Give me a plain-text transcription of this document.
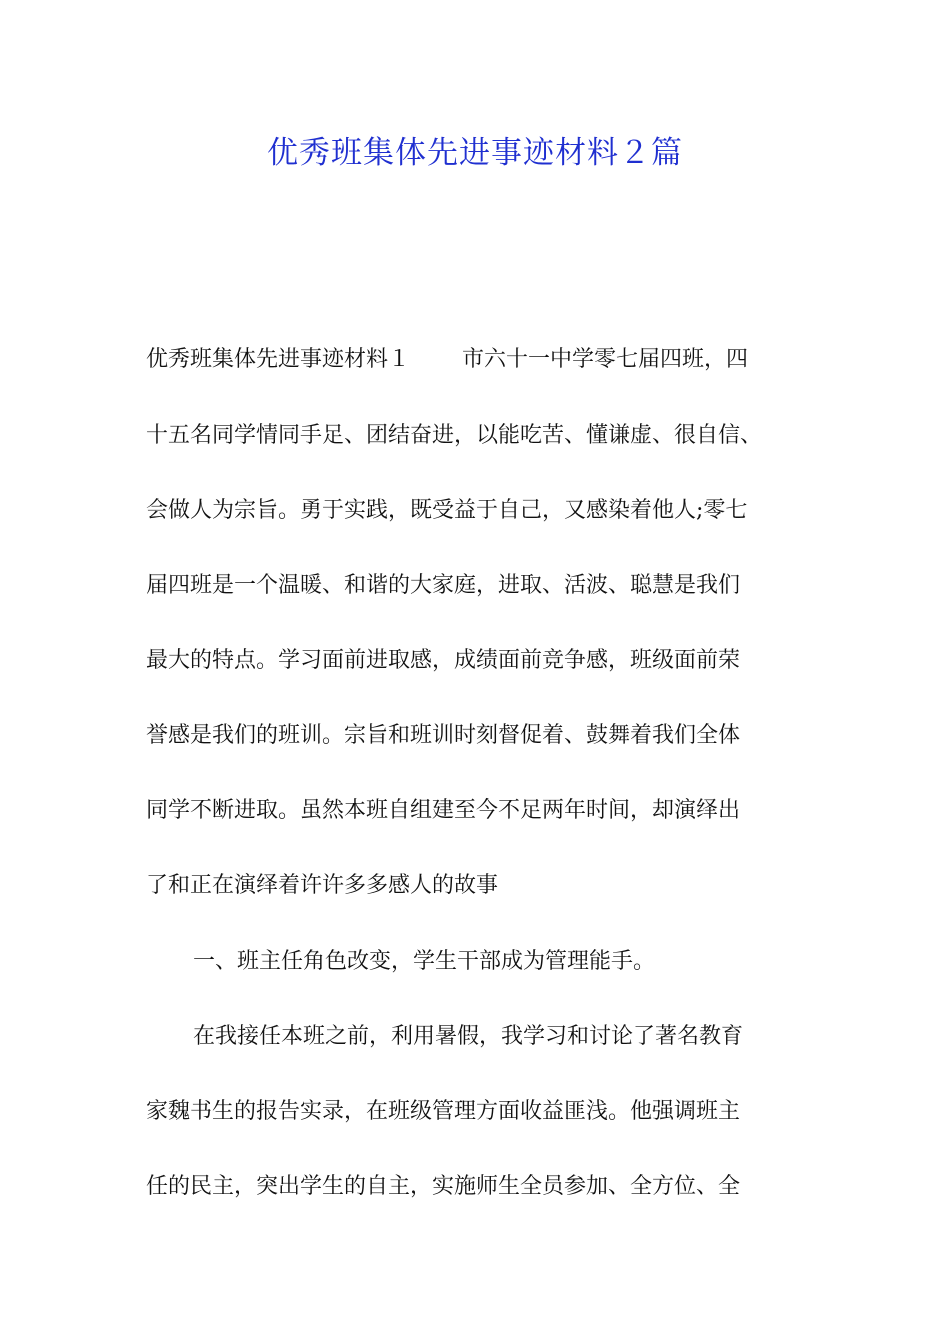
优秀班集体先进事迹材料２篇

优秀班集体先进事迹材料１ 市六十一中学零七届四班，四

十五名同学情同手足、团结奋进，以能吃苦、懂谦虚、很自信、

会做人为宗旨。勇于实践，既受益于自己，又感染着他人;零七

届四班是一个温暖、和谐的大家庭，进取、活波、聪慧是我们

最大的特点。学习面前进取感，成绩面前竞争感，班级面前荣

誉感是我们的班训。宗旨和班训时刻督促着、鼓舞着我们全体

同学不断进取。虽然本班自组建至今不足两年时间，却演绎出

了和正在演绎着许许多多感人的故事

一、班主任角色改变，学生干部成为管理能手。

在我接任本班之前，利用暑假，我学习和讨论了著名教育

家魏书生的报告实录，在班级管理方面收益匪浅。他强调班主

任的民主，突出学生的自主，实施师生全员参加、全方位、全
